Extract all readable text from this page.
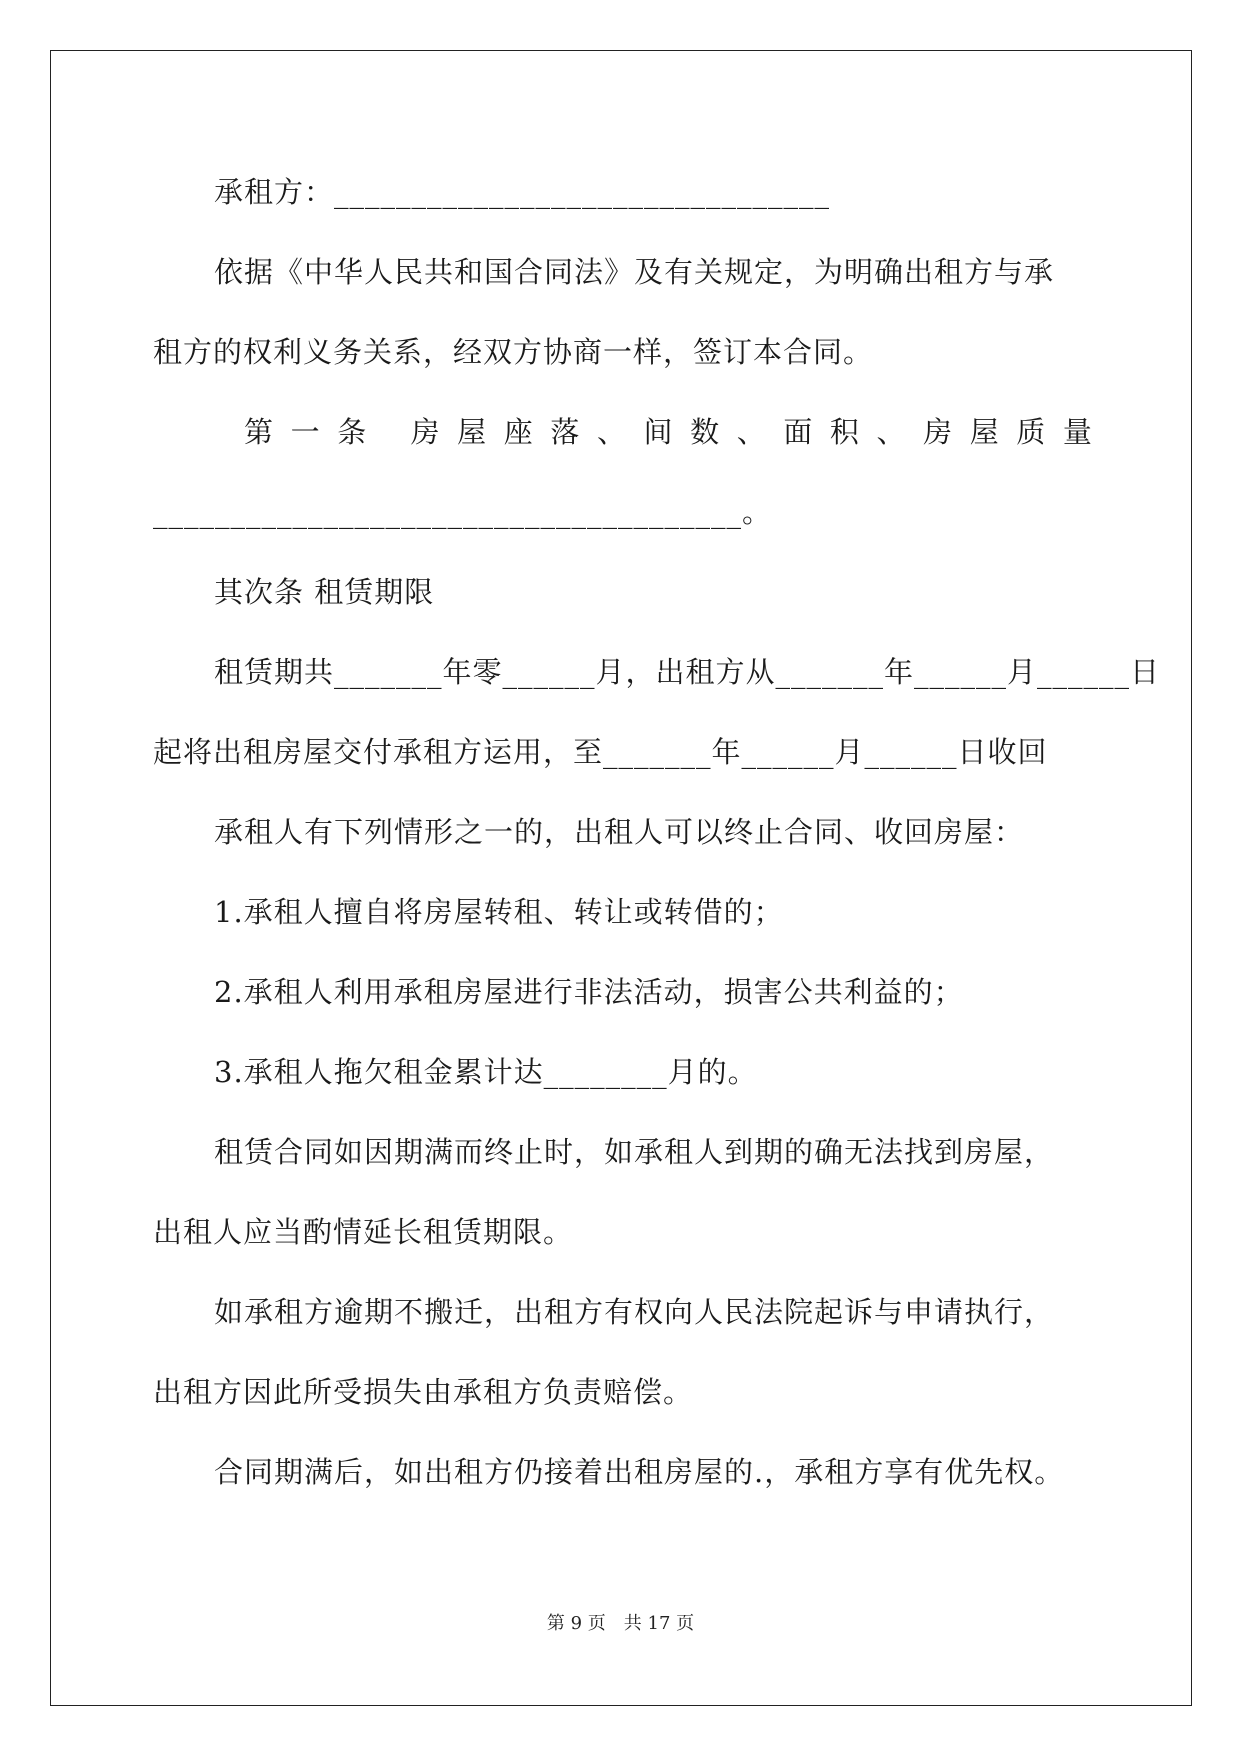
承租方：________________________________
依据《中华人民共和国合同法》及有关规定，为明确出租方与承
租方的权利义务关系，经双方协商一样，签订本合同。
第 一 条
房 屋 座 落 、 间 数 、 面 积 、 房 屋 质 量
______________________________________。
其次条 租赁期限
租赁期共_______年零______月，出租方从_______年______月______日
起将出租房屋交付承租方运用，至_______年______月______日收回
承租人有下列情形之一的，出租人可以终止合同、收回房屋：
1.承租人擅自将房屋转租、转让或转借的；
2.承租人利用承租房屋进行非法活动，损害公共利益的；
3.承租人拖欠租金累计达________月的。
租赁合同如因期满而终止时，如承租人到期的确无法找到房屋，
出租人应当酌情延长租赁期限。
如承租方逾期不搬迁，出租方有权向人民法院起诉与申请执行，
出租方因此所受损失由承租方负责赔偿。
合同期满后，如出租方仍接着出租房屋的.，承租方享有优先权。
第 9 页　共 17 页
